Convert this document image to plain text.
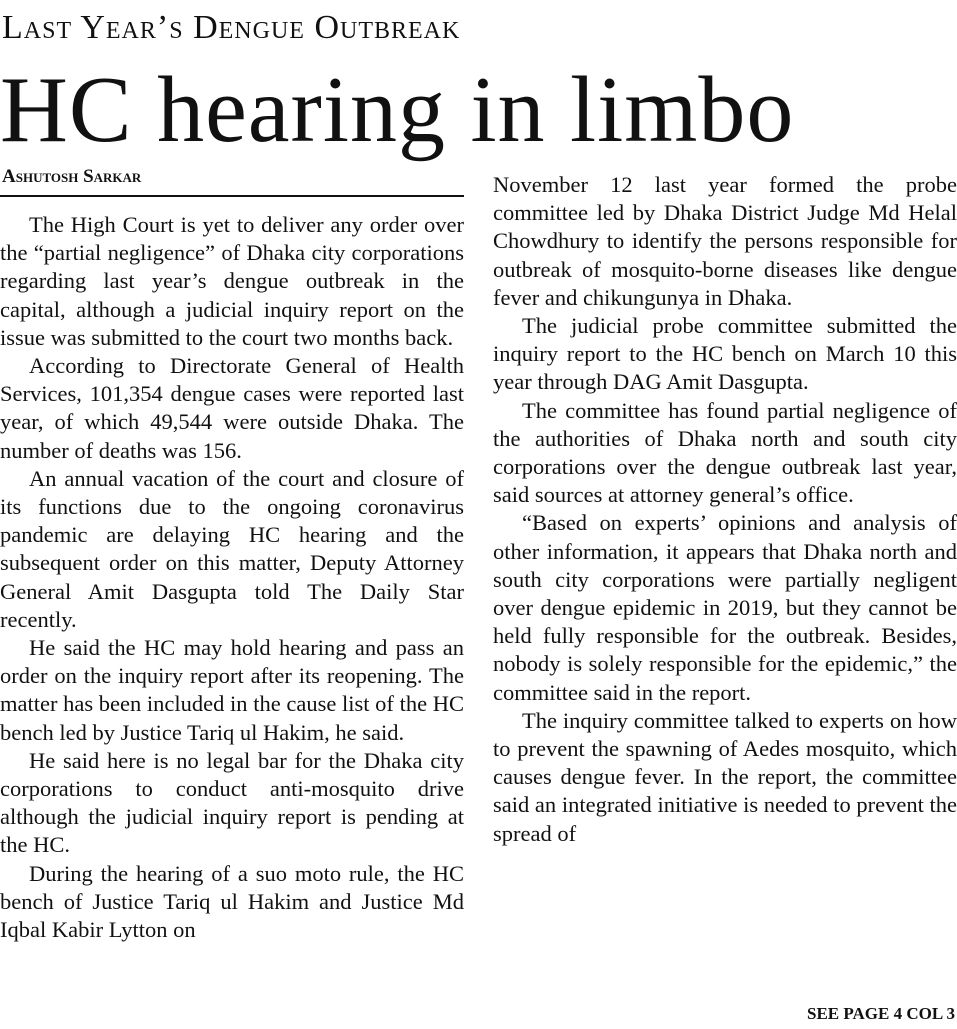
Last Year’s Dengue Outbreak
HC hearing in limbo
Ashutosh Sarkar

The High Court is yet to deliver any order over the “partial negligence” of Dhaka city corporations regarding last year’s dengue outbreak in the capital, although a judicial inquiry report on the issue was submitted to the court two months back.

According to Directorate General of Health Services, 101,354 dengue cases were reported last year, of which 49,544 were outside Dhaka. The number of deaths was 156.

An annual vacation of the court and closure of its functions due to the ongoing coronavirus pandemic are delaying HC hearing and the subsequent order on this matter, Deputy Attorney General Amit Dasgupta told The Daily Star recently.

He said the HC may hold hearing and pass an order on the inquiry report after its reopening. The matter has been included in the cause list of the HC bench led by Justice Tariq ul Hakim, he said.

He said here is no legal bar for the Dhaka city corporations to conduct anti-mosquito drive although the judicial inquiry report is pending at the HC.

During the hearing of a suo moto rule, the HC bench of Justice Tariq ul Hakim and Justice Md Iqbal Kabir Lytton on

November 12 last year formed the probe committee led by Dhaka District Judge Md Helal Chowdhury to identify the persons responsible for outbreak of mosquito-borne diseases like dengue fever and chikungunya in Dhaka.

The judicial probe committee submitted the inquiry report to the HC bench on March 10 this year through DAG Amit Dasgupta.

The committee has found partial negligence of the authorities of Dhaka north and south city corporations over the dengue outbreak last year, said sources at attorney general’s office.

“Based on experts’ opinions and analysis of other information, it appears that Dhaka north and south city corporations were partially negligent over dengue epidemic in 2019, but they cannot be held fully responsible for the outbreak. Besides, nobody is solely responsible for the epidemic,” the committee said in the report.

The inquiry committee talked to experts on how to prevent the spawning of Aedes mosquito, which causes dengue fever. In the report, the committee said an integrated initiative is needed to prevent the spread of

SEE PAGE 4 COL 3
